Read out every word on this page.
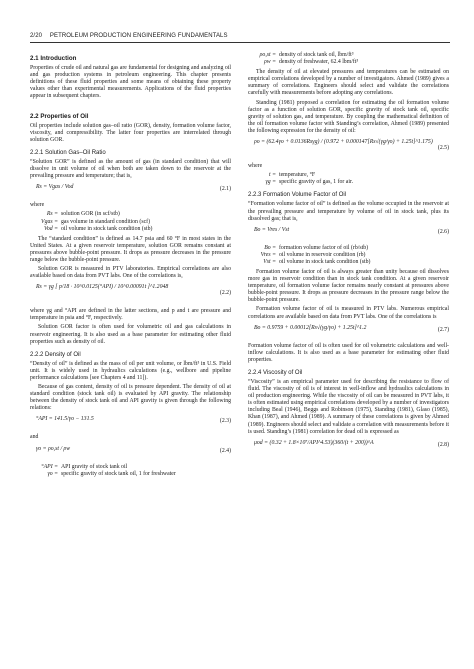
2/20 PETROLEUM PRODUCTION ENGINEERING FUNDAMENTALS
2.1 Introduction

Properties of crude oil and natural gas are fundamental for designing and analyzing oil and gas production systems in petroleum engineering. This chapter presents definitions of these fluid properties and some means of obtaining these property values other than experimental measurements. Applications of the fluid properties appear in subsequent chapters.

2.2 Properties of Oil

Oil properties include solution gas–oil ratio (GOR), density, formation volume factor, viscosity, and compressibility. The latter four properties are interrelated through solution GOR.

2.2.1 Solution Gas–Oil Ratio

“Solution GOR” is defined as the amount of gas (in standard condition) that will dissolve in unit volume of oil when both are taken down to the reservoir at the prevailing pressure and temperature; that is,

Rs = Vgas / Vod	(2.1)
where
Rs = solution GOR (in scf/stb)
Vgas = gas volume in standard condition (scf)
Vod = oil volume in stock tank condition (stb)

The “standard condition” is defined as 14.7 psia and 60 °F in most states in the United States. At a given reservoir temperature, solution GOR remains constant at pressures above bubble-point pressure. It drops as pressure decreases in the pressure range below the bubble-point pressure.

Solution GOR is measured in PTV laboratories. Empirical correlations are also available based on data from PVT labs. One of the correlations is,

Rs = γg [ p/18 · 10^0.0125(°API) / 10^0.00091t ]^1.2048
(2.2)

where γg and °API are defined in the latter sections, and p and t are pressure and temperature in psia and °F, respectively.

Solution GOR factor is often used for volumetric oil and gas calculations in reservoir engineering. It is also used as a base parameter for estimating other fluid properties such as density of oil.

2.2.2 Density of Oil

“Density of oil” is defined as the mass of oil per unit volume, or lbm/ft³ in U.S. Field unit. It is widely used in hydraulics calculations (e.g., wellbore and pipeline performance calculations [see Chapters 4 and 11]).

Because of gas content, density of oil is pressure dependent. The density of oil at standard condition (stock tank oil) is evaluated by API gravity. The relationship between the density of stock tank oil and API gravity is given through the following relations:

°API = 141.5/γo − 131.5	(2.3)
and
γo = ρo,st / ρw	(2.4)
°API = API gravity of stock tank oil
γo = specific gravity of stock tank oil, 1 for freshwater
ρo,st = density of stock tank oil, lbm/ft³
ρw = density of freshwater, 62.4 lbm/ft³

The density of oil at elevated pressures and temperatures can be estimated on empirical correlations developed by a number of investigators. Ahmed (1989) gives a summary of correlations. Engineers should select and validate the correlations carefully with measurements before adopting any correlations.

Standing (1981) proposed a correlation for estimating the oil formation volume factor as a function of solution GOR, specific gravity of stock tank oil, specific gravity of solution gas, and temperature. By coupling the mathematical definition of the oil formation volume factor with Standing’s correlation, Ahmed (1989) presented the following expression for the density of oil:

ρo = (62.4γo + 0.0136Rsγg) / (0.972 + 0.000147[Rs√(γg/γo) + 1.25t]^1.175)
(2.5)
where
t = temperature, °F
γg = specific gravity of gas, 1 for air.
2.2.3 Formation Volume Factor of Oil

“Formation volume factor of oil” is defined as the volume occupied in the reservoir at the prevailing pressure and temperature by volume of oil in stock tank, plus its dissolved gas; that is,

Bo = Vres / Vst	(2.6)
Bo = formation volume factor of oil (rb/stb)
Vres = oil volume in reservoir condition (rb)
Vst = oil volume in stock tank condition (stb)

Formation volume factor of oil is always greater than unity because oil dissolves more gas in reservoir condition than in stock tank condition. At a given reservoir temperature, oil formation volume factor remains nearly constant at pressures above bubble-point pressure. It drops as pressure decreases in the pressure range below the bubble-point pressure.

Formation volume factor of oil is measured in PTV labs. Numerous empirical correlations are available based on data from PVT labs. One of the correlations is

Bo = 0.9759 + 0.00012[Rs√(γg/γo) + 1.25t]^1.2	(2.7)

Formation volume factor of oil is often used for oil volumetric calculations and well-inflow calculations. It is also used as a base parameter for estimating other fluid properties.

2.2.4 Viscosity of Oil

“Viscosity” is an empirical parameter used for describing the resistance to flow of fluid. The viscosity of oil is of interest in well-inflow and hydraulics calculations in oil production engineering. While the viscosity of oil can be measured in PVT labs, it is often estimated using empirical correlations developed by a number of investigators including Beal (1946), Beggs and Robinson (1975), Standing (1981), Glaso (1985), Khan (1987), and Ahmed (1989). A summary of these correlations is given by Ahmed (1989). Engineers should select and validate a correlation with measurements before it is used. Standing’s (1981) correlation for dead oil is expressed as

μod = (0.32 + 1.8×10⁷/API^4.53)(360/(t + 200))^A	(2.8)
